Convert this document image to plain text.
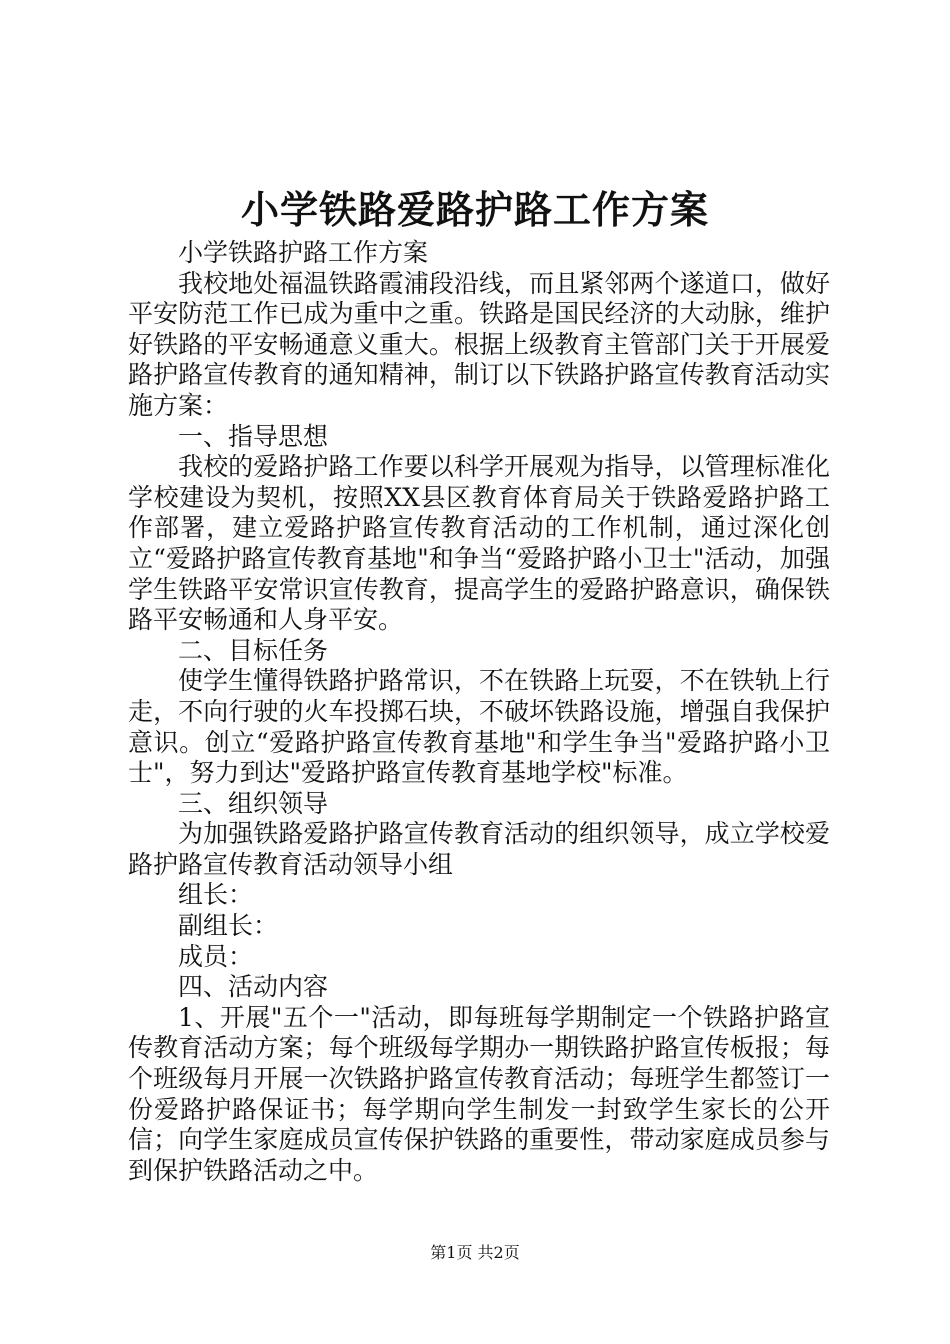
小学铁路爱路护路工作方案

小学铁路护路工作方案

我校地处福温铁路霞浦段沿线，而且紧邻两个遂道口，做好平安防范工作已成为重中之重。铁路是国民经济的大动脉，维护好铁路的平安畅通意义重大。根据上级教育主管部门关于开展爱路护路宣传教育的通知精神，制订以下铁路护路宣传教育活动实施方案：

一、指导思想

我校的爱路护路工作要以科学开展观为指导，以管理标准化学校建设为契机，按照XX县区教育体育局关于铁路爱路护路工作部署，建立爱路护路宣传教育活动的工作机制，通过深化创立“爱路护路宣传教育基地"和争当“爱路护路小卫士"活动，加强学生铁路平安常识宣传教育，提高学生的爱路护路意识，确保铁路平安畅通和人身平安。

二、目标任务

使学生懂得铁路护路常识，不在铁路上玩耍，不在铁轨上行走，不向行驶的火车投掷石块，不破坏铁路设施，增强自我保护意识。创立“爱路护路宣传教育基地"和学生争当"爱路护路小卫士"，努力到达"爱路护路宣传教育基地学校"标准。

三、组织领导

为加强铁路爱路护路宣传教育活动的组织领导，成立学校爱路护路宣传教育活动领导小组

组长：

副组长：

成员：

四、活动内容

1、开展"五个一"活动，即每班每学期制定一个铁路护路宣传教育活动方案；每个班级每学期办一期铁路护路宣传板报；每个班级每月开展一次铁路护路宣传教育活动；每班学生都签订一份爱路护路保证书；每学期向学生制发一封致学生家长的公开信；向学生家庭成员宣传保护铁路的重要性，带动家庭成员参与到保护铁路活动之中。

第1页 共2页
